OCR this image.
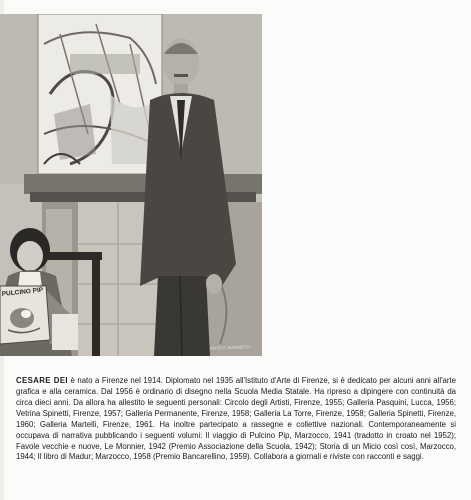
PULCINO PIP
FOTO P. BARSOTTI

CESARE DEI è nato a Firenze nel 1914. Diplomato nel 1935 all'Istituto d'Arte di Firenze, si è dedicato per alcuni anni all'arte grafica e alla ceramica. Dal 1956 è ordinario di disegno nella Scuola Media Statale. Ha ripreso a dipingere con continuità da circa dieci anni. Da allora ha allestito le seguenti personali: Circolo degli Artisti, Firenze, 1955; Galleria Pasquini, Lucca, 1956; Vetrina Spinetti, Firenze, 1957; Galleria Permanente, Firenze, 1958; Galleria La Torre, Firenze, 1958; Galleria Spinetti, Firenze, 1960; Galleria Martelli, Firenze, 1961. Ha inoltre partecipato a rassegne e collettive nazionali. Contemporaneamente si occupava di narrativa pubblicando i seguenti volumi: Il viaggio di Pulcino Pip, Marzocco, 1941 (tradotto in croato nel 1952); Favole vecchie e nuove, Le Monnier, 1942 (Premio Associazione della Scuola, 1942); Storia di un Micio così così, Marzocco, 1944; Il libro di Madur; Marzocco, 1958 (Premio Bancarellino, 1959). Collabora a giornali e riviste con racconti e saggi.
